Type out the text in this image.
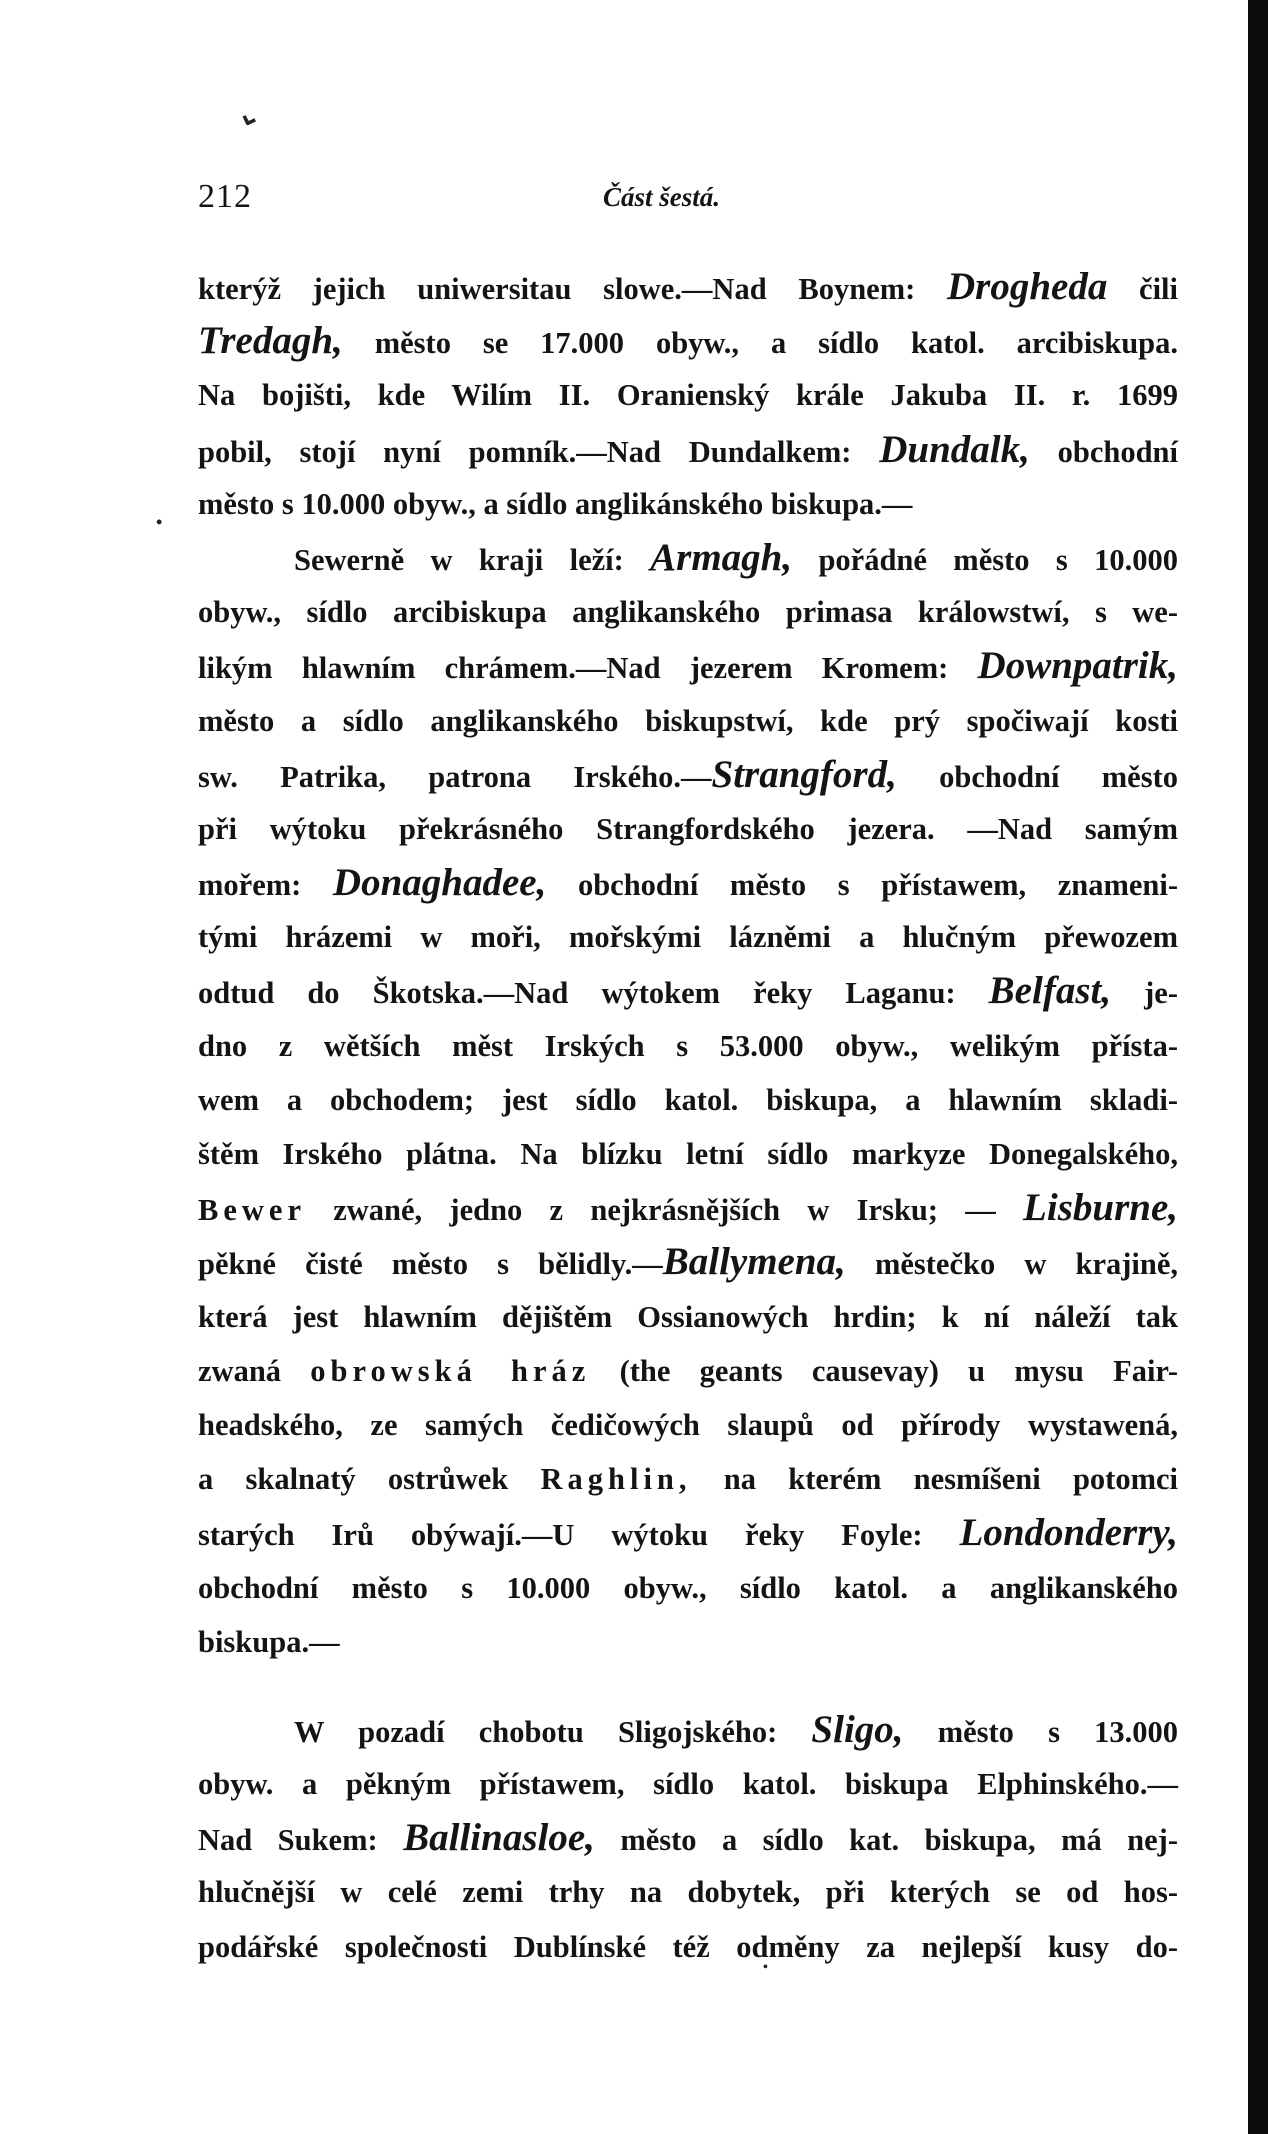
212	Část šestá.
kterýž jejich uniwersitau slowe.—Nad Boynem: Drogheda čili
Tredagh, město se 17.000 obyw., a sídlo katol. arcibiskupa.
Na bojišti, kde Wilím II. Oranienský krále Jakuba II. r. 1699
pobil, stojí nyní pomník.—Nad Dundalkem: Dundalk, obchodní
město s 10.000 obyw., a sídlo anglikánského biskupa.—
Sewerně w kraji leží: Armagh, pořádné město s 10.000
obyw., sídlo arcibiskupa anglikanského primasa králowstwí, s we-
likým hlawním chrámem.—Nad jezerem Kromem: Downpatrik,
město a sídlo anglikanského biskupstwí, kde prý spočiwají kosti
sw. Patrika, patrona Irského.—Strangford, obchodní město
při wýtoku překrásného Strangfordského jezera. —Nad samým
mořem: Donaghadee, obchodní město s přístawem, znameni-
tými hrázemi w moři, mořskými lázněmi a hlučným přewozem
odtud do Škotska.—Nad wýtokem řeky Laganu: Belfast, je-
dno z wětších měst Irských s 53.000 obyw., welikým přísta-
wem a obchodem; jest sídlo katol. biskupa, a hlawním skladi-
štěm Irského plátna. Na blízku letní sídlo markyze Donegalského,
Bewer zwané, jedno z nejkrásnějších w Irsku; — Lisburne,
pěkné čisté město s bělidly.—Ballymena, městečko w krajině,
která jest hlawním dějištěm Ossianowých hrdin; k ní náleží tak
zwaná obrowská hráz (the geants causevay) u mysu Fair-
headského, ze samých čedičowých slaupů od přírody wystawená,
a skalnatý ostrůwek Raghlin, na kterém nesmíšeni potomci
starých Irů obýwají.—U wýtoku řeky Foyle: Londonderry,
obchodní město s 10.000 obyw., sídlo katol. a anglikanského
biskupa.—
W pozadí chobotu Sligojského: Sligo, město s 13.000
obyw. a pěkným přístawem, sídlo katol. biskupa Elphinského.—
Nad Sukem: Ballinasloe, město a sídlo kat. biskupa, má nej-
hlučnější w celé zemi trhy na dobytek, při kterých se od hos-
podářské společnosti Dublínské též odměny za nejlepší kusy do-
⌄
•
•
